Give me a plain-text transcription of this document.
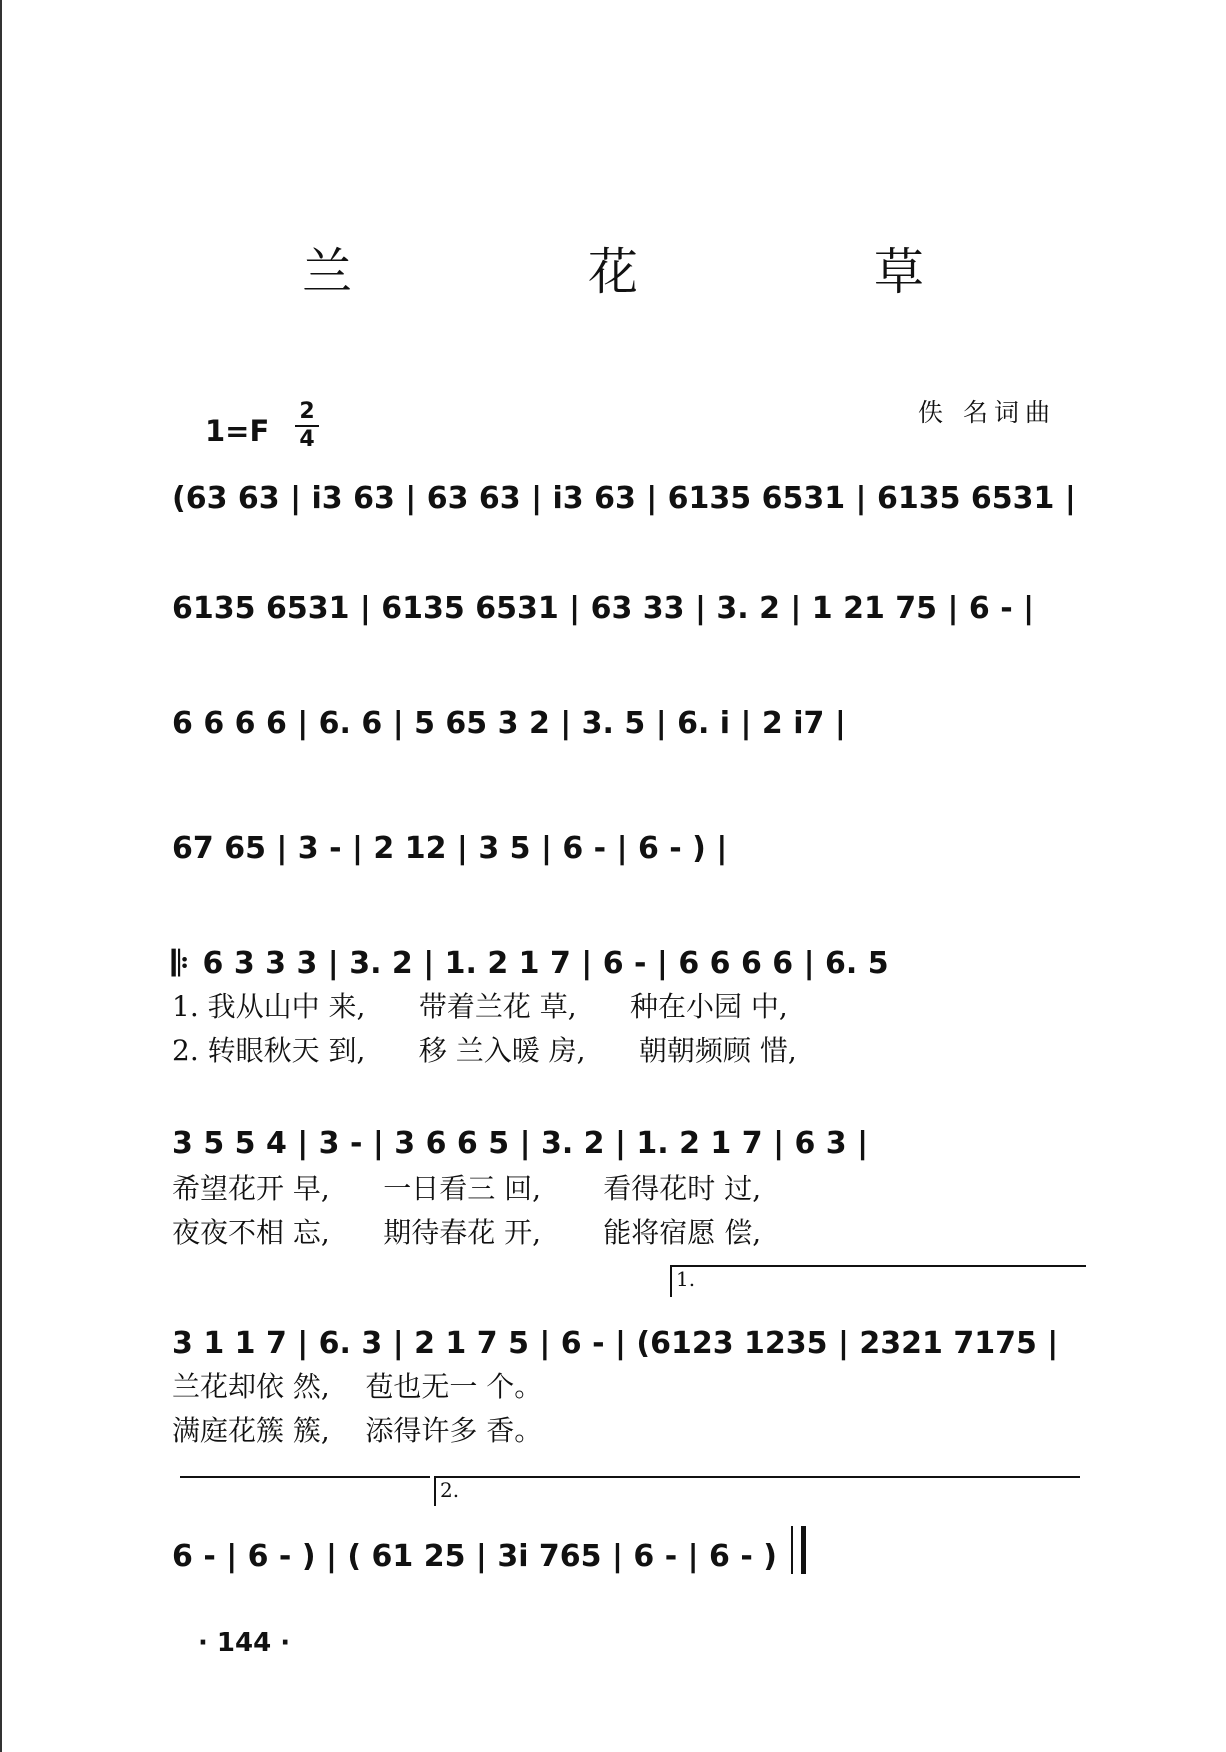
兰 花 草
1=F
2
4
佚 名词曲
(63 63 | i3 63 | 63 63 | i3 63 | 6135 6531 | 6135 6531 |
6135 6531 | 6135 6531 | 63 33 | 3. 2 | 1 21 75 | 6 - |
6 6 6 6 | 6. 6 | 5 65 3 2 | 3. 5 | 6. i | 2 i7 |
67 65 | 3 - | 2 12 | 3 5 | 6 - | 6 - ) |
𝄆 6 3 3 3 | 3. 2 | 1. 2 1 7 | 6 - | 6 6 6 6 | 6. 5
1. 我从山中 来,      带着兰花 草,      种在小园 中,
2. 转眼秋天 到,      移 兰入暖 房,      朝朝频顾 惜,
3 5 5 4 | 3 - | 3 6 6 5 | 3. 2 | 1. 2 1 7 | 6 3 |
希望花开 早,      一日看三 回,       看得花时 过,
夜夜不相 忘,      期待春花 开,       能将宿愿 偿,
1.
3 1 1 7 | 6. 3 | 2 1 7 5 | 6 - | (6123 1235 | 2321 7175 |
兰花却依 然,    苞也无一 个。
满庭花簇 簇,    添得许多 香。
2.
6 - | 6 - ) | ( 61 25 | 3i 765 | 6 - | 6 - )
· 144 ·
